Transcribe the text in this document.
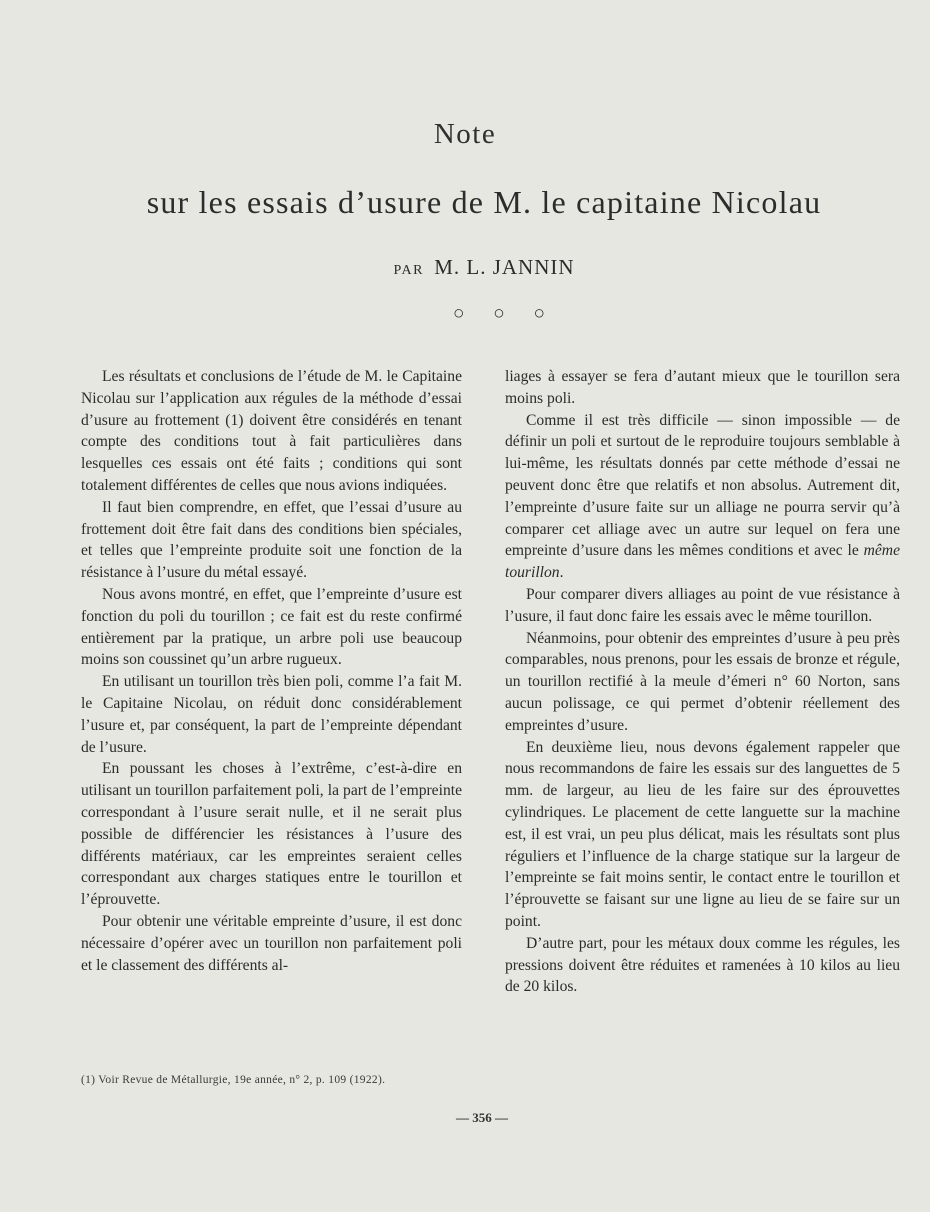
Note
sur les essais d’usure de M. le capitaine Nicolau
PAR M. L. JANNIN
○ ○ ○

Les résultats et conclusions de l’étude de M. le Capitaine Nicolau sur l’application aux régules de la méthode d’essai d’usure au frottement (1) doivent être considérés en tenant compte des conditions tout à fait particulières dans lesquelles ces essais ont été faits ; conditions qui sont totalement différentes de celles que nous avions indiquées.

Il faut bien comprendre, en effet, que l’essai d’usure au frottement doit être fait dans des conditions bien spéciales, et telles que l’empreinte produite soit une fonction de la résistance à l’usure du métal essayé.

Nous avons montré, en effet, que l’empreinte d’usure est fonction du poli du tourillon ; ce fait est du reste confirmé entièrement par la pratique, un arbre poli use beaucoup moins son coussinet qu’un arbre rugueux.

En utilisant un tourillon très bien poli, comme l’a fait M. le Capitaine Nicolau, on réduit donc considérablement l’usure et, par conséquent, la part de l’empreinte dépendant de l’usure.

En poussant les choses à l’extrême, c’est-à-dire en utilisant un tourillon parfaitement poli, la part de l’empreinte correspondant à l’usure serait nulle, et il ne serait plus possible de différencier les résistances à l’usure des différents matériaux, car les empreintes seraient celles correspondant aux charges statiques entre le tourillon et l’éprouvette.

Pour obtenir une véritable empreinte d’usure, il est donc nécessaire d’opérer avec un tourillon non parfaitement poli et le classement des différents al-

liages à essayer se fera d’autant mieux que le tourillon sera moins poli.

Comme il est très difficile — sinon impossible — de définir un poli et surtout de le reproduire toujours semblable à lui-même, les résultats donnés par cette méthode d’essai ne peuvent donc être que relatifs et non absolus. Autrement dit, l’empreinte d’usure faite sur un alliage ne pourra servir qu’à comparer cet alliage avec un autre sur lequel on fera une empreinte d’usure dans les mêmes conditions et avec le même tourillon.

Pour comparer divers alliages au point de vue résistance à l’usure, il faut donc faire les essais avec le même tourillon.

Néanmoins, pour obtenir des empreintes d’usure à peu près comparables, nous prenons, pour les essais de bronze et régule, un tourillon rectifié à la meule d’émeri n° 60 Norton, sans aucun polissage, ce qui permet d’obtenir réellement des empreintes d’usure.

En deuxième lieu, nous devons également rappeler que nous recommandons de faire les essais sur des languettes de 5 mm. de largeur, au lieu de les faire sur des éprouvettes cylindriques. Le placement de cette languette sur la machine est, il est vrai, un peu plus délicat, mais les résultats sont plus réguliers et l’influence de la charge statique sur la largeur de l’empreinte se fait moins sentir, le contact entre le tourillon et l’éprouvette se faisant sur une ligne au lieu de se faire sur un point.

D’autre part, pour les métaux doux comme les régules, les pressions doivent être réduites et ramenées à 10 kilos au lieu de 20 kilos.

(1) Voir Revue de Métallurgie, 19e année, n° 2, p. 109 (1922).
— 356 —
